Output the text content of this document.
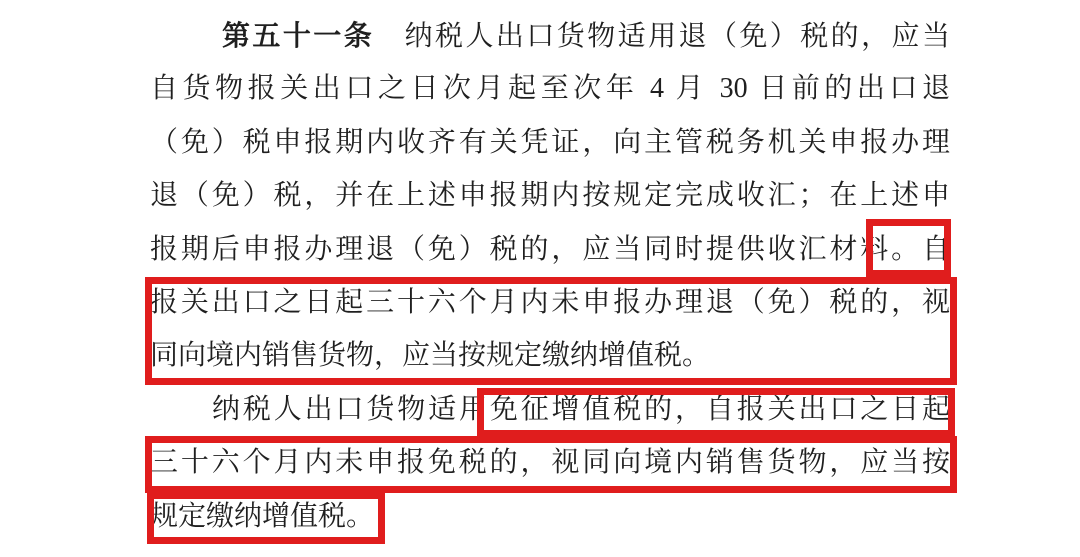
第五十一条　纳税人出口货物适用退（免）税的，应当
自货物报关出口之日次月起至次年 4 月 30 日前的出口退
（免）税申报期内收齐有关凭证，向主管税务机关申报办理
退（免）税，并在上述申报期内按规定完成收汇；在上述申
报期后申报办理退（免）税的，应当同时提供收汇材料。自
报关出口之日起三十六个月内未申报办理退（免）税的，视
同向境内销售货物，应当按规定缴纳增值税。
纳税人出口货物适用免征增值税的，自报关出口之日起
三十六个月内未申报免税的，视同向境内销售货物，应当按
规定缴纳增值税。
